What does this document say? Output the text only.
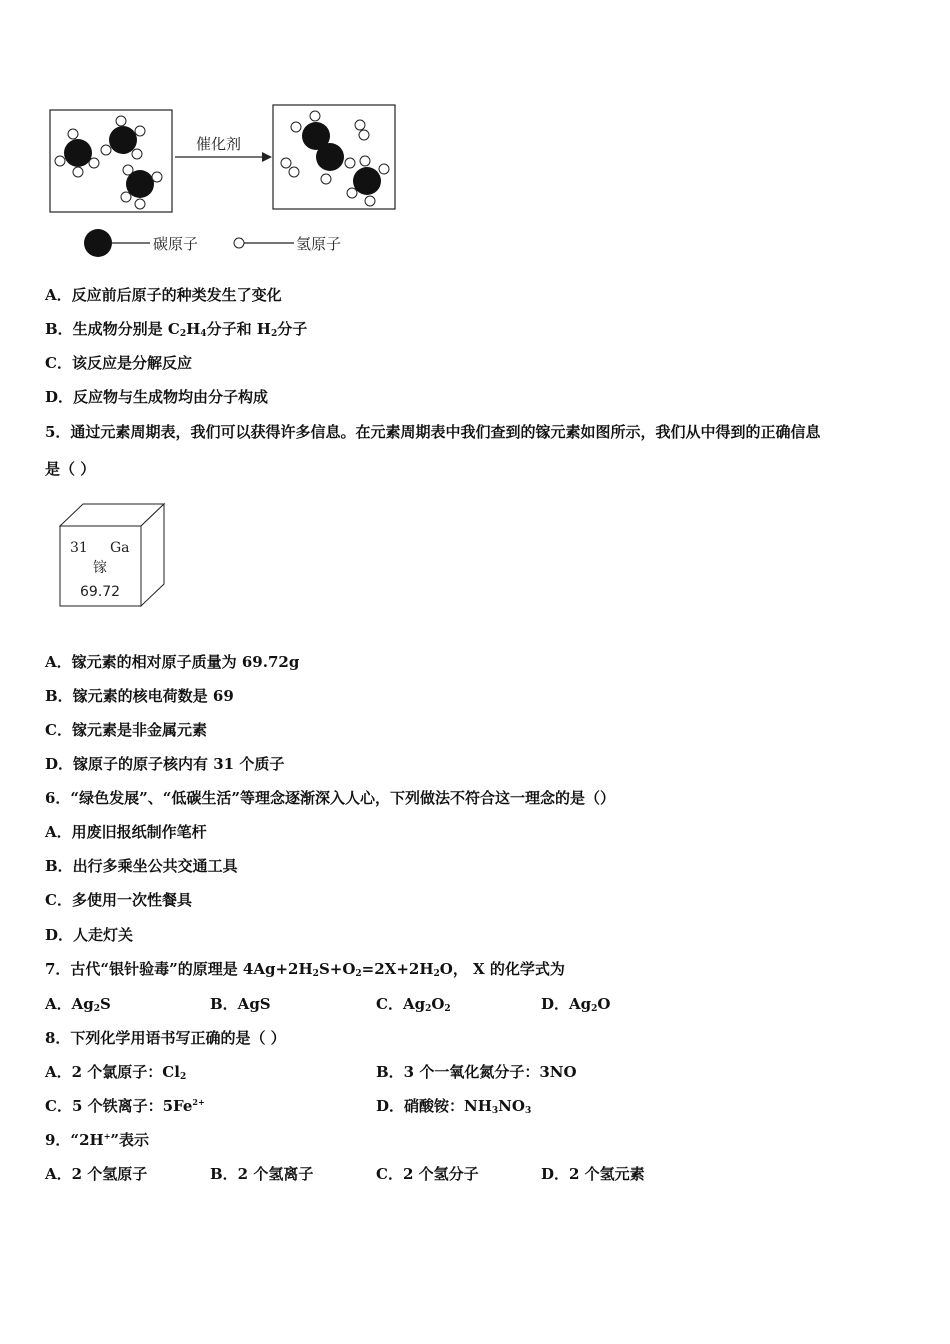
催化剂
碳原子	氢原子
A．反应前后原子的种类发生了变化
B．生成物分别是 $C_2H_4$分子和 $H_2$分子
C．该反应是分解反应
D．反应物与生成物均由分子构成
5．通过元素周期表，我们可以获得许多信息。在元素周期表中我们查到的镓元素如图所示，我们从中得到的正确信息
是（ ）
31 Ga
镓
69.72
A．镓元素的相对原子质量为 69.72g
B．镓元素的核电荷数是 69
C．镓元素是非金属元素
D．镓原子的原子核内有 31 个质子
6．“绿色发展”、“低碳生活”等理念逐渐深入人心，下列做法不符合这一理念的是（）
A．用废旧报纸制作笔杆
B．出行多乘坐公共交通工具
C．多使用一次性餐具
D．人走灯关
7．古代“银针验毒”的原理是 $4Ag+2H_2S+O_2=2X+2H_2O$， X 的化学式为
A．$Ag_2S$	B．AgS	C．$Ag_2O_2$	D．$Ag_2O$
8．下列化学用语书写正确的是（ ）
A．2 个氯原子：$Cl_2$	B．3 个一氧化氮分子：3NO
C．5 个铁离子：$5Fe^{2+}$	D．硝酸铵：$NH_3NO_3$
9．“2H+”表示
A．2 个氢原子	B．2 个氢离子	C．2 个氢分子	D．2 个氢元素
